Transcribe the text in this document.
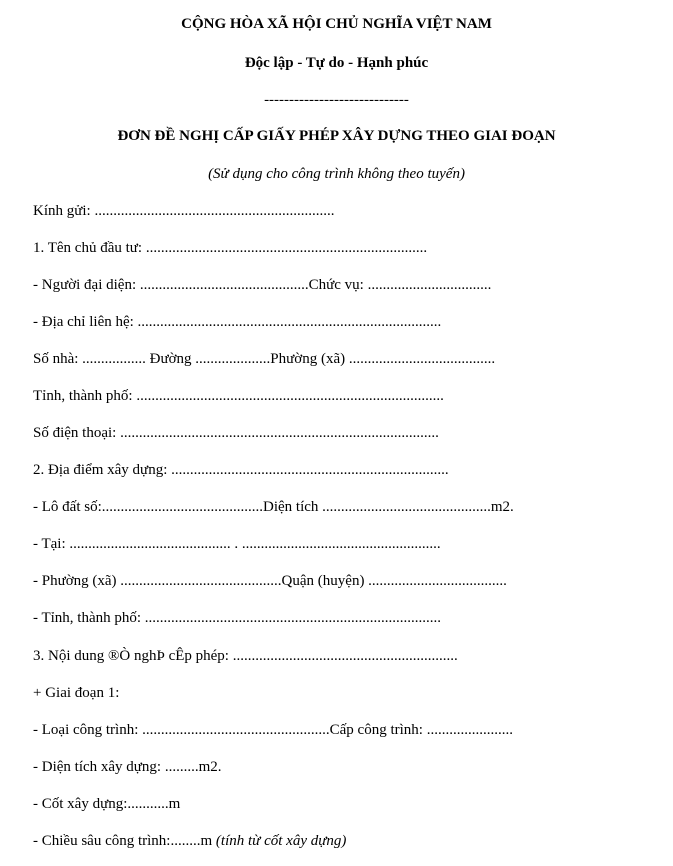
CỘNG HÒA XÃ HỘI CHỦ NGHĨA VIỆT NAM
Độc lập - Tự do - Hạnh phúc
-----------------------------
ĐƠN ĐỀ NGHỊ CẤP GIẤY PHÉP XÂY DỰNG THEO GIAI ĐOẠN
(Sử dụng cho công trình không theo tuyến)
Kính gửi: ................................................................
1. Tên chủ đầu tư: ...........................................................................
- Người đại diện: .............................................Chức vụ: .................................
- Địa chỉ liên hệ: .................................................................................
Số nhà: ................. Đường ....................Phường (xã) .......................................
Tỉnh, thành phố: ..................................................................................
Số điện thoại: .....................................................................................
2. Địa điểm xây dựng: ..........................................................................
- Lô đất số:...........................................Diện tích .............................................m2.
- Tại: ........................................... . .....................................................
- Phường (xã) ...........................................Quận (huyện) .....................................
- Tỉnh, thành phố: ...............................................................................
3. Nội dung ®Ò nghÞ cÊp phép: ............................................................
+ Giai đoạn 1:
- Loại công trình: ..................................................Cấp công trình: .......................
- Diện tích xây dựng: .........m2.
- Cốt xây dựng:...........m
- Chiều sâu công trình:........m (tính từ cốt xây dựng)
